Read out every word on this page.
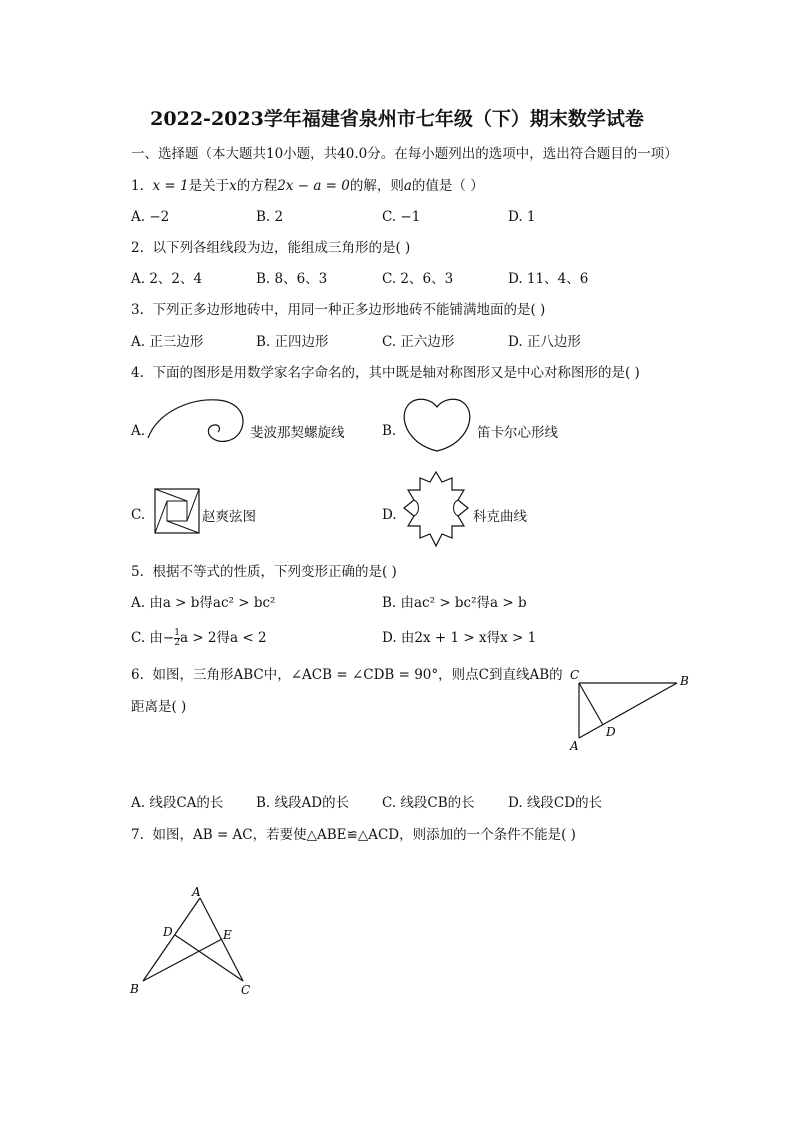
2022-2023学年福建省泉州市七年级（下）期末数学试卷
一、选择题（本大题共10小题，共40.0分。在每小题列出的选项中，选出符合题目的一项）
1. x = 1是关于x的方程2x − a = 0的解，则a的值是（ ）
A. −2	B. 2	C. −1	D. 1
2. 以下列各组线段为边，能组成三角形的是( )
A. 2、2、4	B. 8、6、3	C. 2、6、3	D. 11、4、6
3. 下列正多边形地砖中，用同一种正多边形地砖不能铺满地面的是( )
A. 正三边形	B. 正四边形	C. 正六边形	D. 正八边形
4. 下面的图形是用数学家名字命名的，其中既是轴对称图形又是中心对称图形的是( )
A.	斐波那契螺旋线	B.	笛卡尔心形线
C.	赵爽弦图	D.	科克曲线
5. 根据不等式的性质，下列变形正确的是( )
A. 由a > b得ac² > bc²	B. 由ac² > bc²得a > b
C. 由− $\frac{1}{2}$ a > 2得a < 2	D. 由2x + 1 > x得x > 1
6. 如图，三角形ABC中，∠ACB = ∠CDB = 90°，则点C到直线AB的
距离是( )
C	B
A
D
A. 线段CA的长 B. 线段AD的长 C. 线段CB的长 D. 线段CD的长
7. 如图，AB = AC，若要使△ABE≌△ACD，则添加的一个条件不能是( )
A
D	E
B	C
